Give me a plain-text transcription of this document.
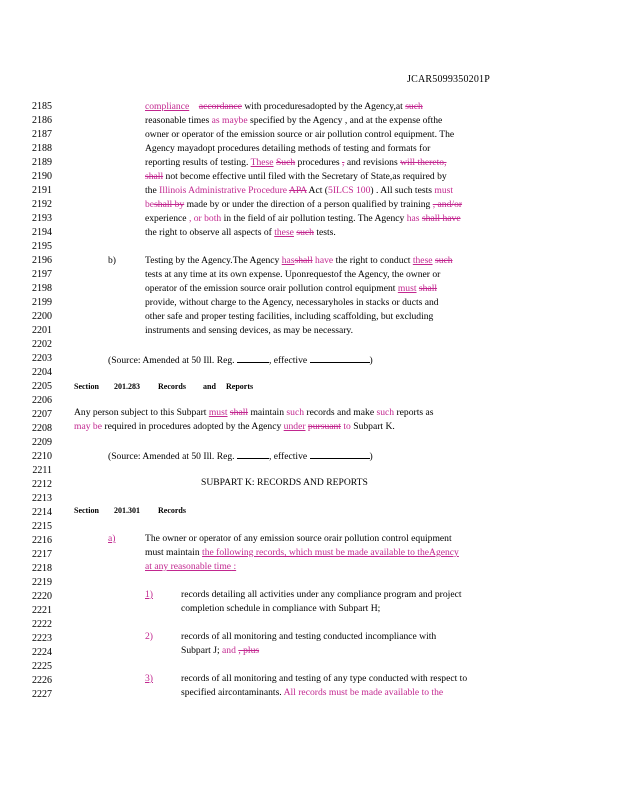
JCAR5099350201P
2185
2186
2187
2188
2189
2190
2191
2192
2193
2194
2195
2196
2197
2198
2199
2200
2201
2202
2203
2204
2205
2206
2207
2208
2209
2210
2211
2212
2213
2214
2215
2216
2217
2218
2219
2220
2221
2222
2223
2224
2225
2226
2227
compliance accordance with proceduresadopted by the Agency,at such
reasonable times as maybe specified by the Agency , and at the expense ofthe
owner or operator of the emission source or air pollution control equipment. The
Agency mayadopt procedures detailing methods of testing and formats for
reporting results of testing. These Such procedures , and revisions will thereto,
shall not become effective until filed with the Secretary of State,as required by
the Illinois Administrative Procedure APA Act (5ILCS 100) . All such tests must
beshall by made by or under the direction of a person qualified by training , and/or
experience , or both in the field of air pollution testing. The Agency has shall have
the right to observe all aspects of these such tests.
b)	Testing by the Agency.The Agency hasshall have the right to conduct these such
tests at any time at its own expense. Uponrequestof the Agency, the owner or
operator of the emission source orair pollution control equipment must shall
provide, without charge to the Agency, necessaryholes in stacks or ducts and
other safe and proper testing facilities, including scaffolding, but excluding
instruments and sensing devices, as may be necessary.
(Source: Amended at 50 Ill. Reg.	, effective	)
Section 201.283 Records and Reports
Any person subject to this Subpart must shall maintain such records and make such reports as
may be required in procedures adopted by the Agency under pursuant to Subpart K.
(Source: Amended at 50 Ill. Reg.	, effective	)
SUBPART K: RECORDS AND REPORTS
Section 201.301 Records
a)	The owner or operator of any emission source orair pollution control equipment
must maintain the following records, which must be made available to theAgency
at any reasonable time :
1)	records detailing all activities under any compliance program and project
completion schedule in compliance with Subpart H;
2)	records of all monitoring and testing conducted incompliance with
Subpart J; and , plus
3)	records of all monitoring and testing of any type conducted with respect to
specified aircontaminants. All records must be made available to the
